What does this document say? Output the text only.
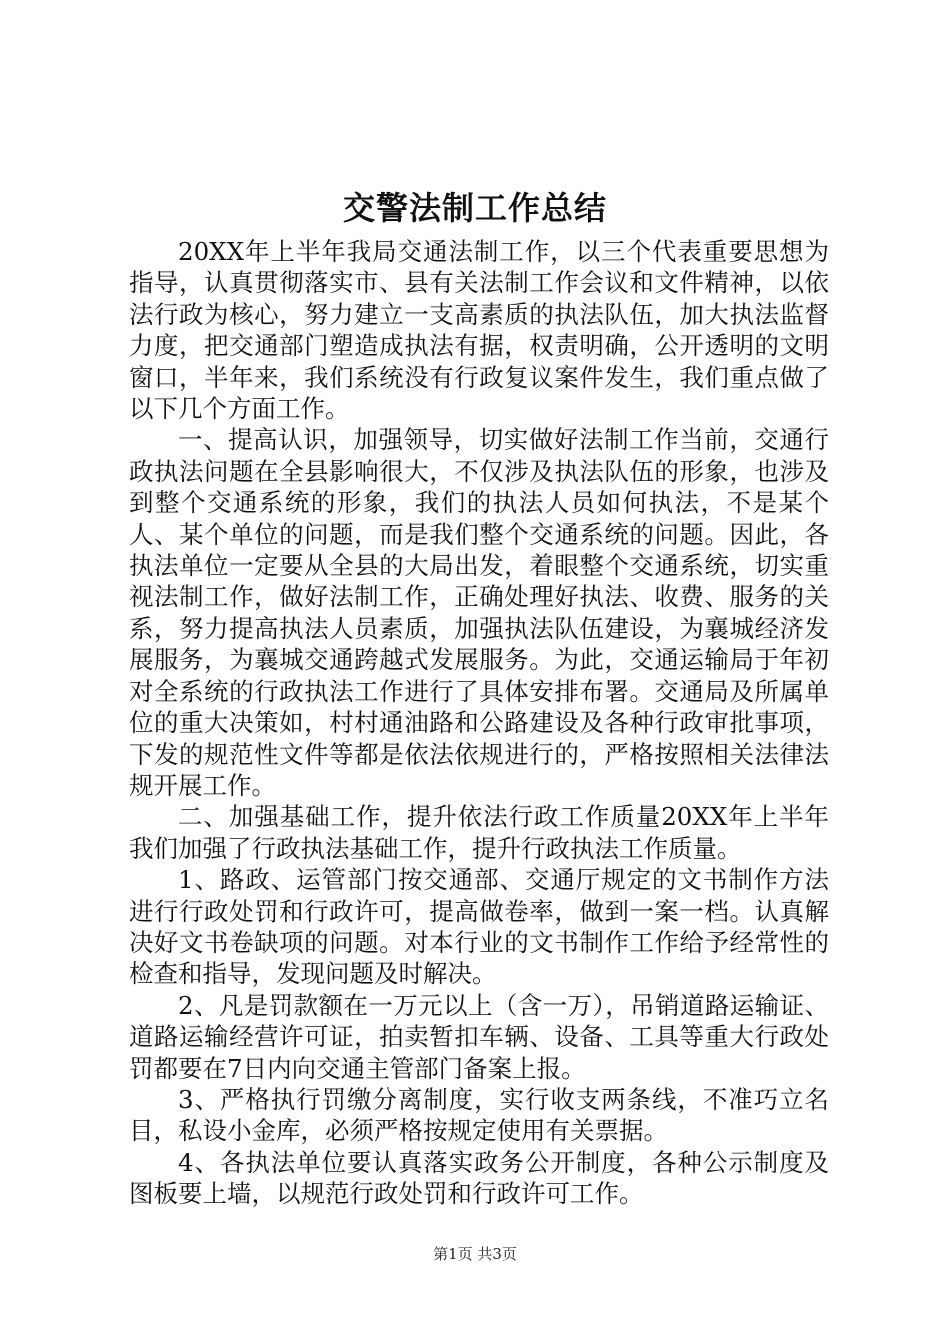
交警法制工作总结

20XX年上半年我局交通法制工作，以三个代表重要思想为指导，认真贯彻落实市、县有关法制工作会议和文件精神，以依法行政为核心，努力建立一支高素质的执法队伍，加大执法监督力度，把交通部门塑造成执法有据，权责明确，公开透明的文明窗口，半年来，我们系统没有行政复议案件发生，我们重点做了以下几个方面工作。

一、提高认识，加强领导，切实做好法制工作当前，交通行政执法问题在全县影响很大，不仅涉及执法队伍的形象，也涉及到整个交通系统的形象，我们的执法人员如何执法，不是某个人、某个单位的问题，而是我们整个交通系统的问题。因此，各执法单位一定要从全县的大局出发，着眼整个交通系统，切实重视法制工作，做好法制工作，正确处理好执法、收费、服务的关系，努力提高执法人员素质，加强执法队伍建设，为襄城经济发展服务，为襄城交通跨越式发展服务。为此，交通运输局于年初对全系统的行政执法工作进行了具体安排布署。交通局及所属单位的重大决策如，村村通油路和公路建设及各种行政审批事项，下发的规范性文件等都是依法依规进行的，严格按照相关法律法规开展工作。

二、加强基础工作，提升依法行政工作质量20XX年上半年我们加强了行政执法基础工作，提升行政执法工作质量。

1、路政、运管部门按交通部、交通厅规定的文书制作方法进行行政处罚和行政许可，提高做卷率，做到一案一档。认真解决好文书卷缺项的问题。对本行业的文书制作工作给予经常性的检查和指导，发现问题及时解决。

2、凡是罚款额在一万元以上（含一万），吊销道路运输证、道路运输经营许可证，拍卖暂扣车辆、设备、工具等重大行政处罚都要在7日内向交通主管部门备案上报。

3、严格执行罚缴分离制度，实行收支两条线，不准巧立名目，私设小金库，必须严格按规定使用有关票据。

4、各执法单位要认真落实政务公开制度，各种公示制度及图板要上墙，以规范行政处罚和行政许可工作。

第1页 共3页
